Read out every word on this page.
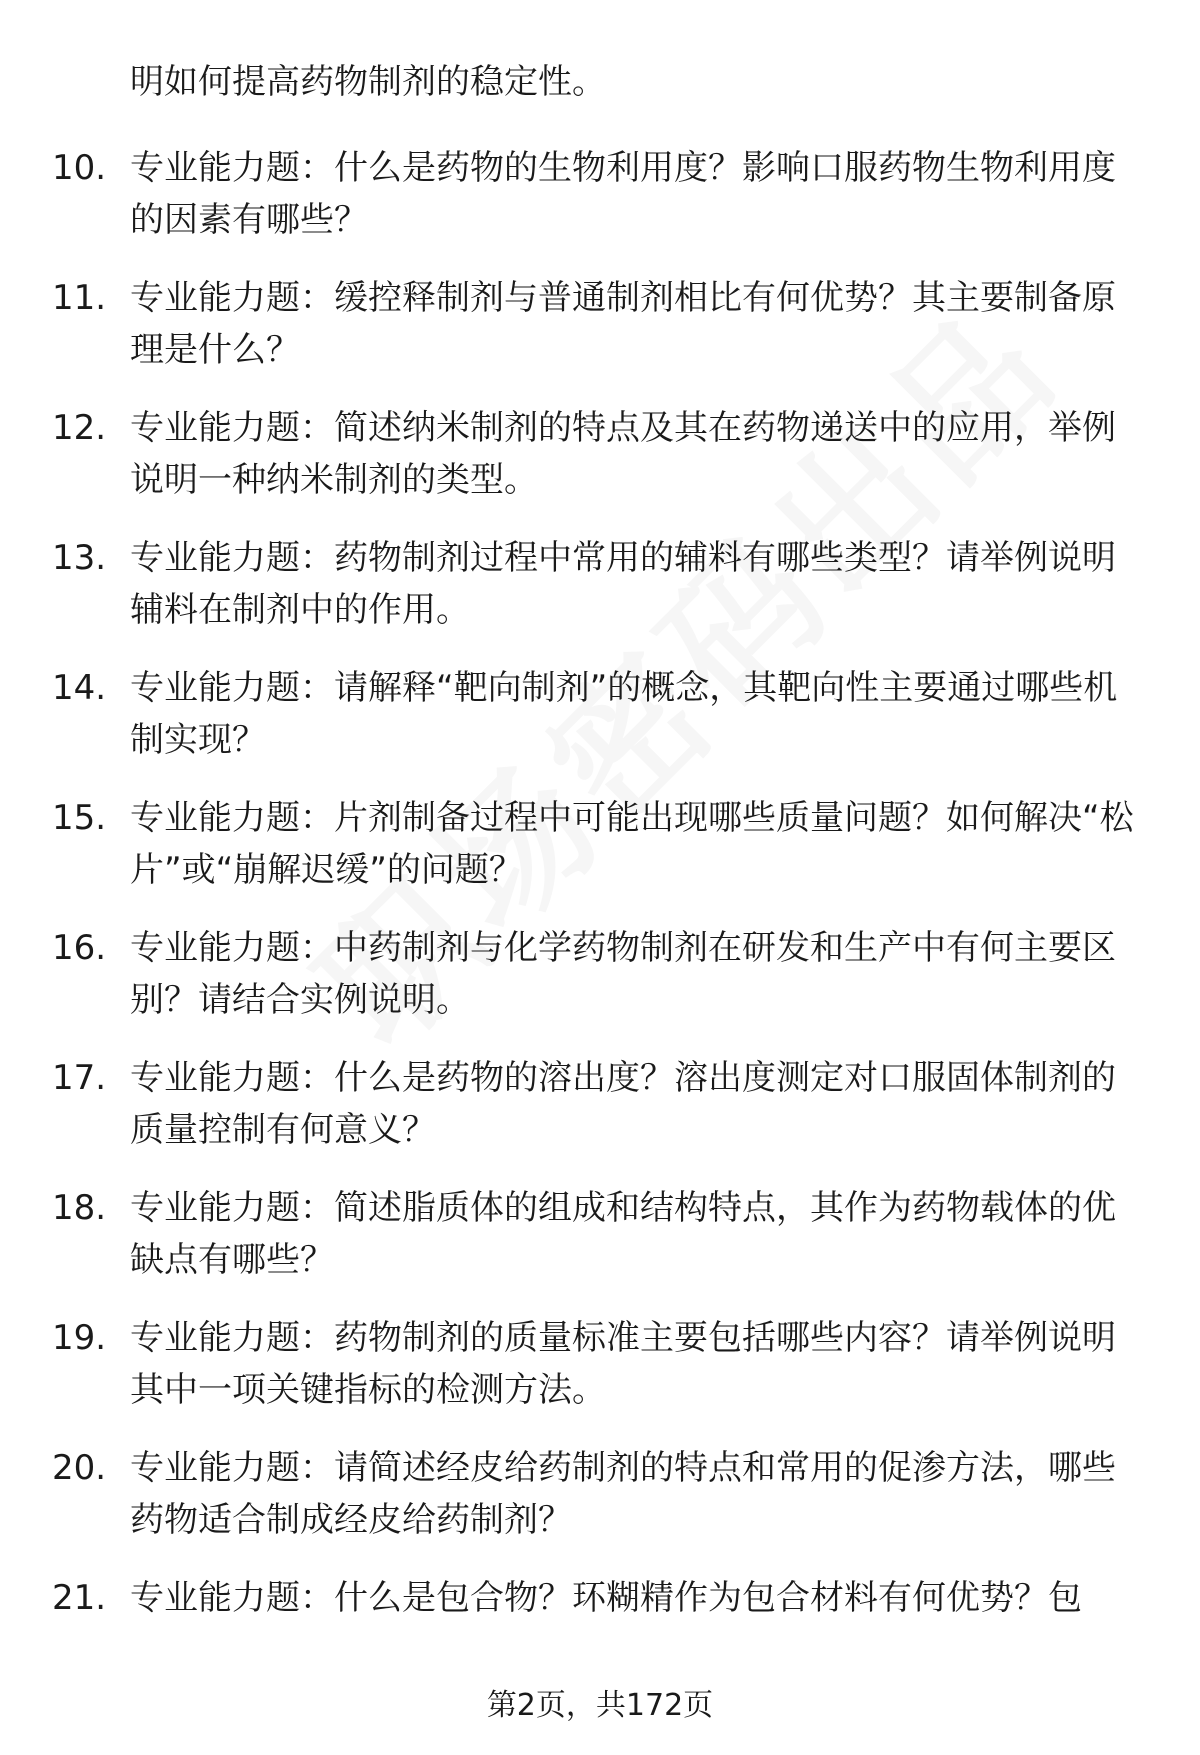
明如何提高药物制剂的稳定性。

10. 专业能力题：什么是药物的生物利用度？影响口服药物生物利用度的因素有哪些？
11. 专业能力题：缓控释制剂与普通制剂相比有何优势？其主要制备原理是什么？
12. 专业能力题：简述纳米制剂的特点及其在药物递送中的应用，举例说明一种纳米制剂的类型。
13. 专业能力题：药物制剂过程中常用的辅料有哪些类型？请举例说明辅料在制剂中的作用。
14. 专业能力题：请解释“靶向制剂”的概念，其靶向性主要通过哪些机制实现？
15. 专业能力题：片剂制备过程中可能出现哪些质量问题？如何解决“松片”或“崩解迟缓”的问题？
16. 专业能力题：中药制剂与化学药物制剂在研发和生产中有何主要区别？请结合实例说明。
17. 专业能力题：什么是药物的溶出度？溶出度测定对口服固体制剂的质量控制有何意义？
18. 专业能力题：简述脂质体的组成和结构特点，其作为药物载体的优缺点有哪些？
19. 专业能力题：药物制剂的质量标准主要包括哪些内容？请举例说明其中一项关键指标的检测方法。
20. 专业能力题：请简述经皮给药制剂的特点和常用的促渗方法，哪些药物适合制成经皮给药制剂？
21. 专业能力题：什么是包合物？环糊精作为包合材料有何优势？包
第2页，共172页
